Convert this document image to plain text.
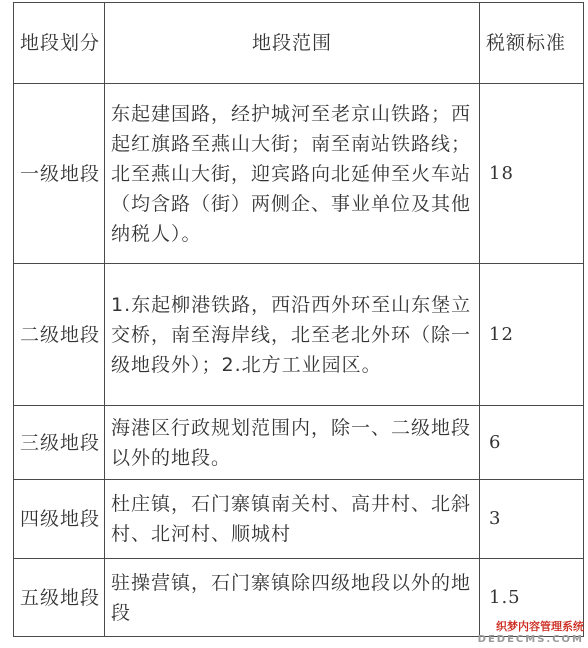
地段划分	地段范围	税额标准
一级地段	东起建国路，经护城河至老京山铁路；西起红旗路至燕山大街；南至南站铁路线；北至燕山大街，迎宾路向北延伸至火车站（均含路（街）两侧企、事业单位及其他纳税人）。	18
二级地段	1.东起柳港铁路，西沿西外环至山东堡立交桥，南至海岸线，北至老北外环（除一级地段外）；2.北方工业园区。	12
三级地段	海港区行政规划范围内，除一、二级地段以外的地段。	6
四级地段	杜庄镇，石门寨镇南关村、高井村、北斜村、北河村、顺城村	3
五级地段	驻操营镇，石门寨镇除四级地段以外的地段	1.5
织梦内容管理系统
DEDECMS.COM
